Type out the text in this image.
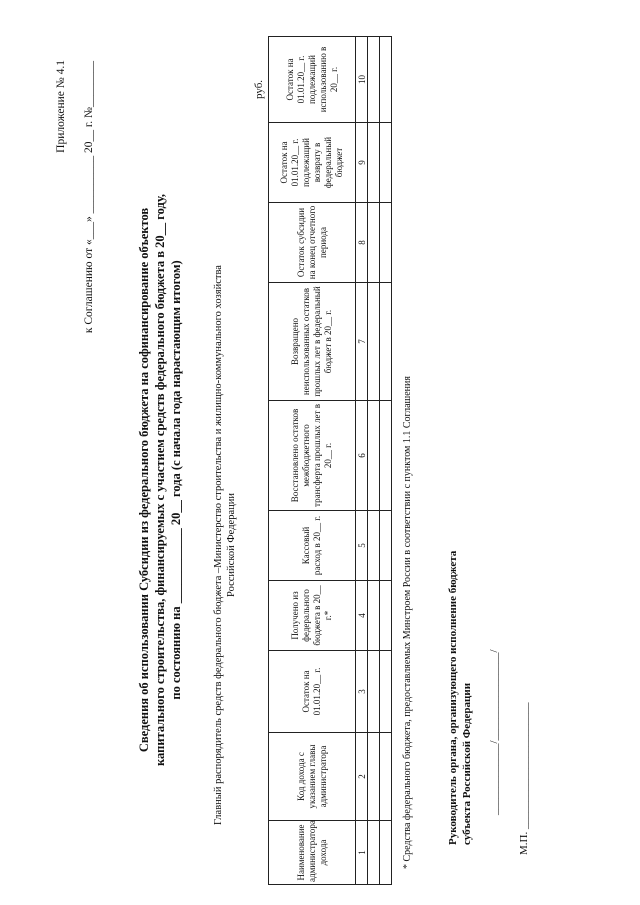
Приложение № 4.1 к Соглашению от «___» __________ 20__ г. №________
Сведения об использовании Субсидии из федерального бюджета на софинансирование объектов капитального строительства, финансируемых с участием средств федерального бюджета в 20__ году, по состоянию на ____________ 20__ года (с начала года нарастающим итогом)	Главный распорядитель средств федерального бюджета –Министерство строительства и жилищно-коммунального хозяйства Российской Федерации
руб.
Наименование администратора дохода	Код дохода с указанием главы администратора	Остаток на 01.01.20__ г.	Получено из федерального бюджета в 20__ г.*	Кассовый расход в 20__ г.	Восстановлено остатков межбюджетного трансферта прошлых лет в 20__ г.	Возвращено неиспользованных остатков прошлых лет в федеральный бюджет в 20__ г.	Остаток субсидии на конец отчетного периода	Остаток на 01.01.20__ г. подлежащий возврату в федеральный бюджет	Остаток на 01.01.20__ г. подлежащий использованию в 20__ г.
1	2	3	4	5	6	7	8	9	10

* Средства федерального бюджета, предоставляемых Минстроем России в соответствии с пунктом 1.1 Соглашения	Руководитель органа, организующего исполнение бюджета субъекта Российской Федерации _____________/________________/ М.П. _______________________
